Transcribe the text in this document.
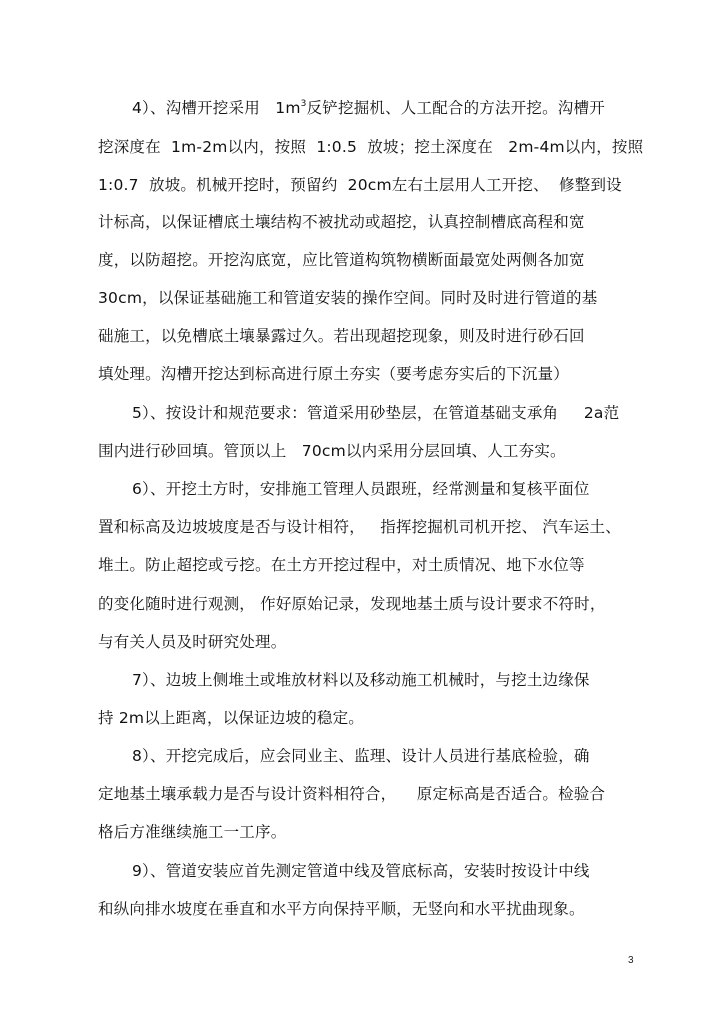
4）、沟槽开挖采用   $1m^3$反铲挖掘机、人工配合的方法开挖。沟槽开
挖深度在  1m-2m以内，按照  1:0.5  放坡；挖土深度在   2m-4m以内，按照
1:0.7  放坡。机械开挖时，预留约  20cm左右土层用人工开挖、  修整到设
计标高，以保证槽底土壤结构不被扰动或超挖，认真控制槽底高程和宽
度，以防超挖。开挖沟底宽，应比管道构筑物横断面最宽处两侧各加宽
30cm，以保证基础施工和管道安装的操作空间。同时及时进行管道的基
础施工，以免槽底土壤暴露过久。若出现超挖现象，则及时进行砂石回
填处理。沟槽开挖达到标高进行原土夯实（要考虑夯实后的下沉量）
5）、按设计和规范要求：管道采用砂垫层，在管道基础支承角     2a范
围内进行砂回填。管顶以上   70cm以内采用分层回填、人工夯实。
6）、开挖土方时，安排施工管理人员跟班，经常测量和复核平面位
置和标高及边坡坡度是否与设计相符，   指挥挖掘机司机开挖、 汽车运土、
堆土。防止超挖或亏挖。在土方开挖过程中，对土质情况、地下水位等
的变化随时进行观测， 作好原始记录，发现地基土质与设计要求不符时，
与有关人员及时研究处理。
7）、边坡上侧堆土或堆放材料以及移动施工机械时，与挖土边缘保
持 2m以上距离，以保证边坡的稳定。
8）、开挖完成后，应会同业主、监理、设计人员进行基底检验，确
定地基土壤承载力是否与设计资料相符合，    原定标高是否适合。检验合
格后方准继续施工一工序。
9）、管道安装应首先测定管道中线及管底标高，安装时按设计中线
和纵向排水坡度在垂直和水平方向保持平顺，无竖向和水平扰曲现象。
3
